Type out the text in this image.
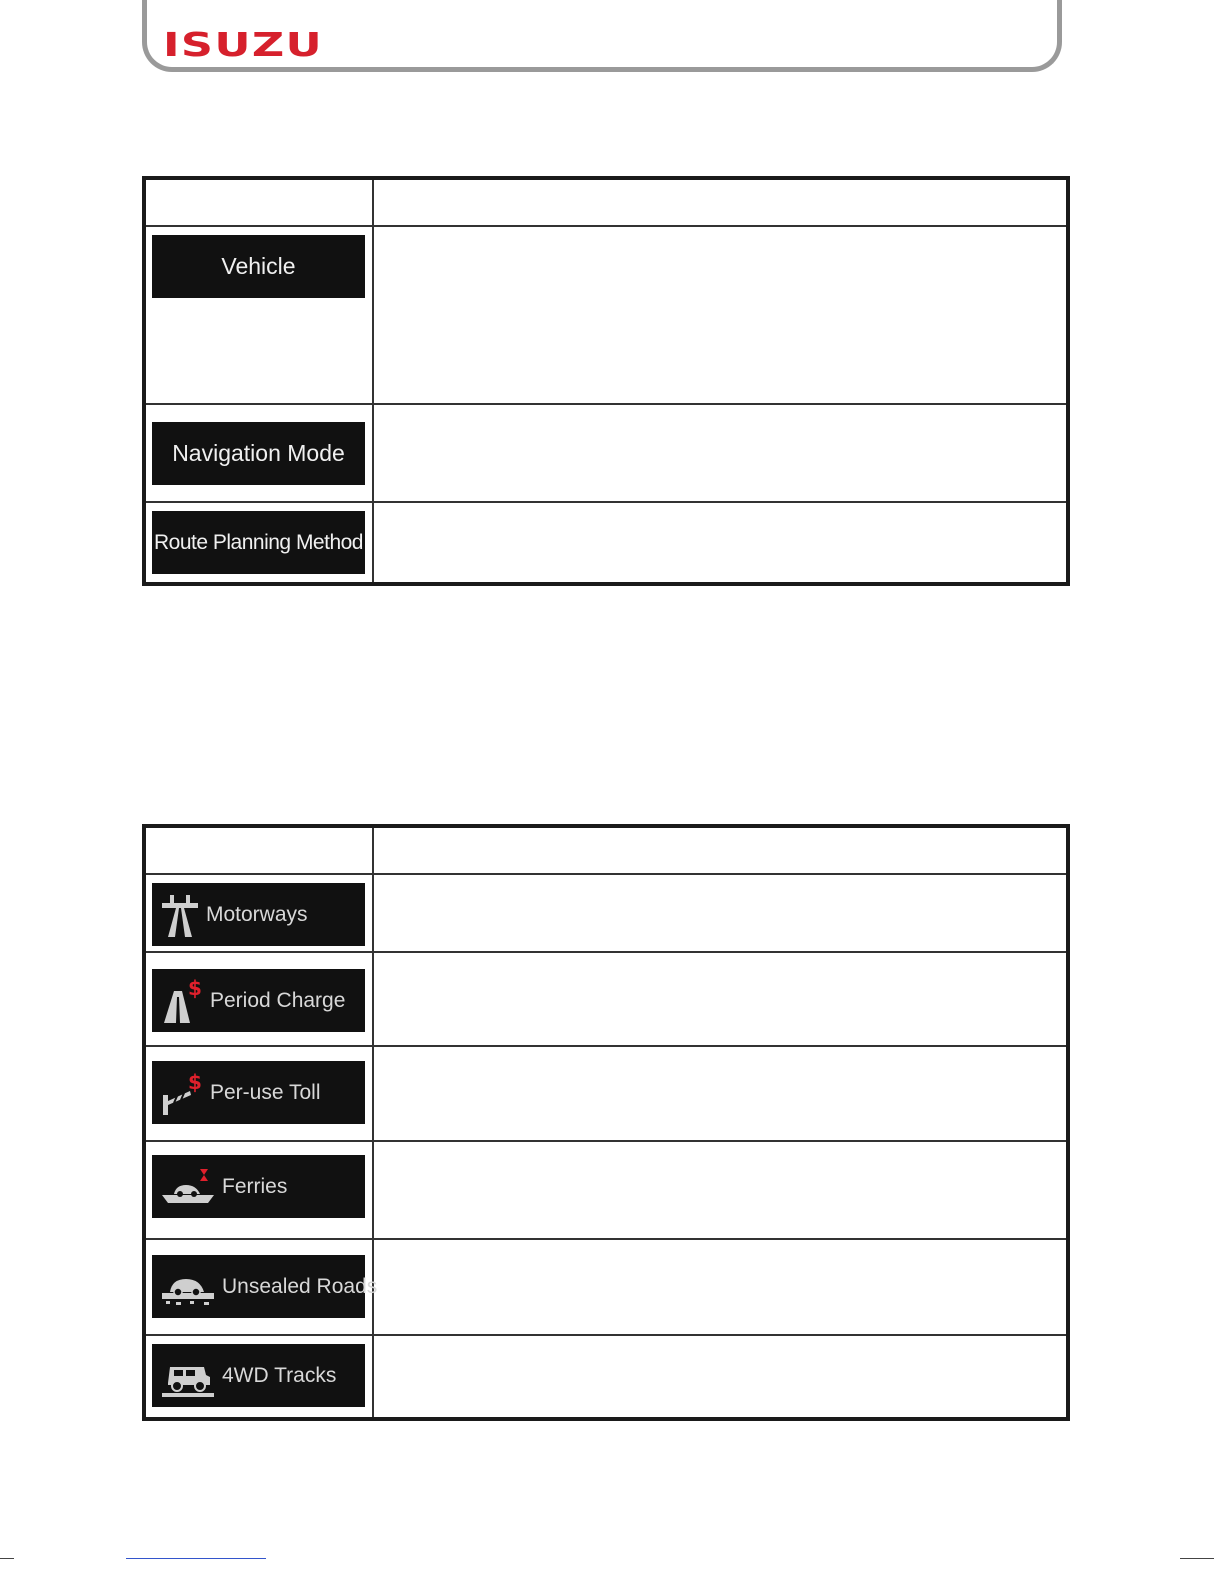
ISUZU

Vehicle	

Navigation Mode	

Route Planning Method	

Motorways	

$
Period Charge	

$ Per-use Toll	

Ferries	

Unsealed Roads	

4WD Tracks	
